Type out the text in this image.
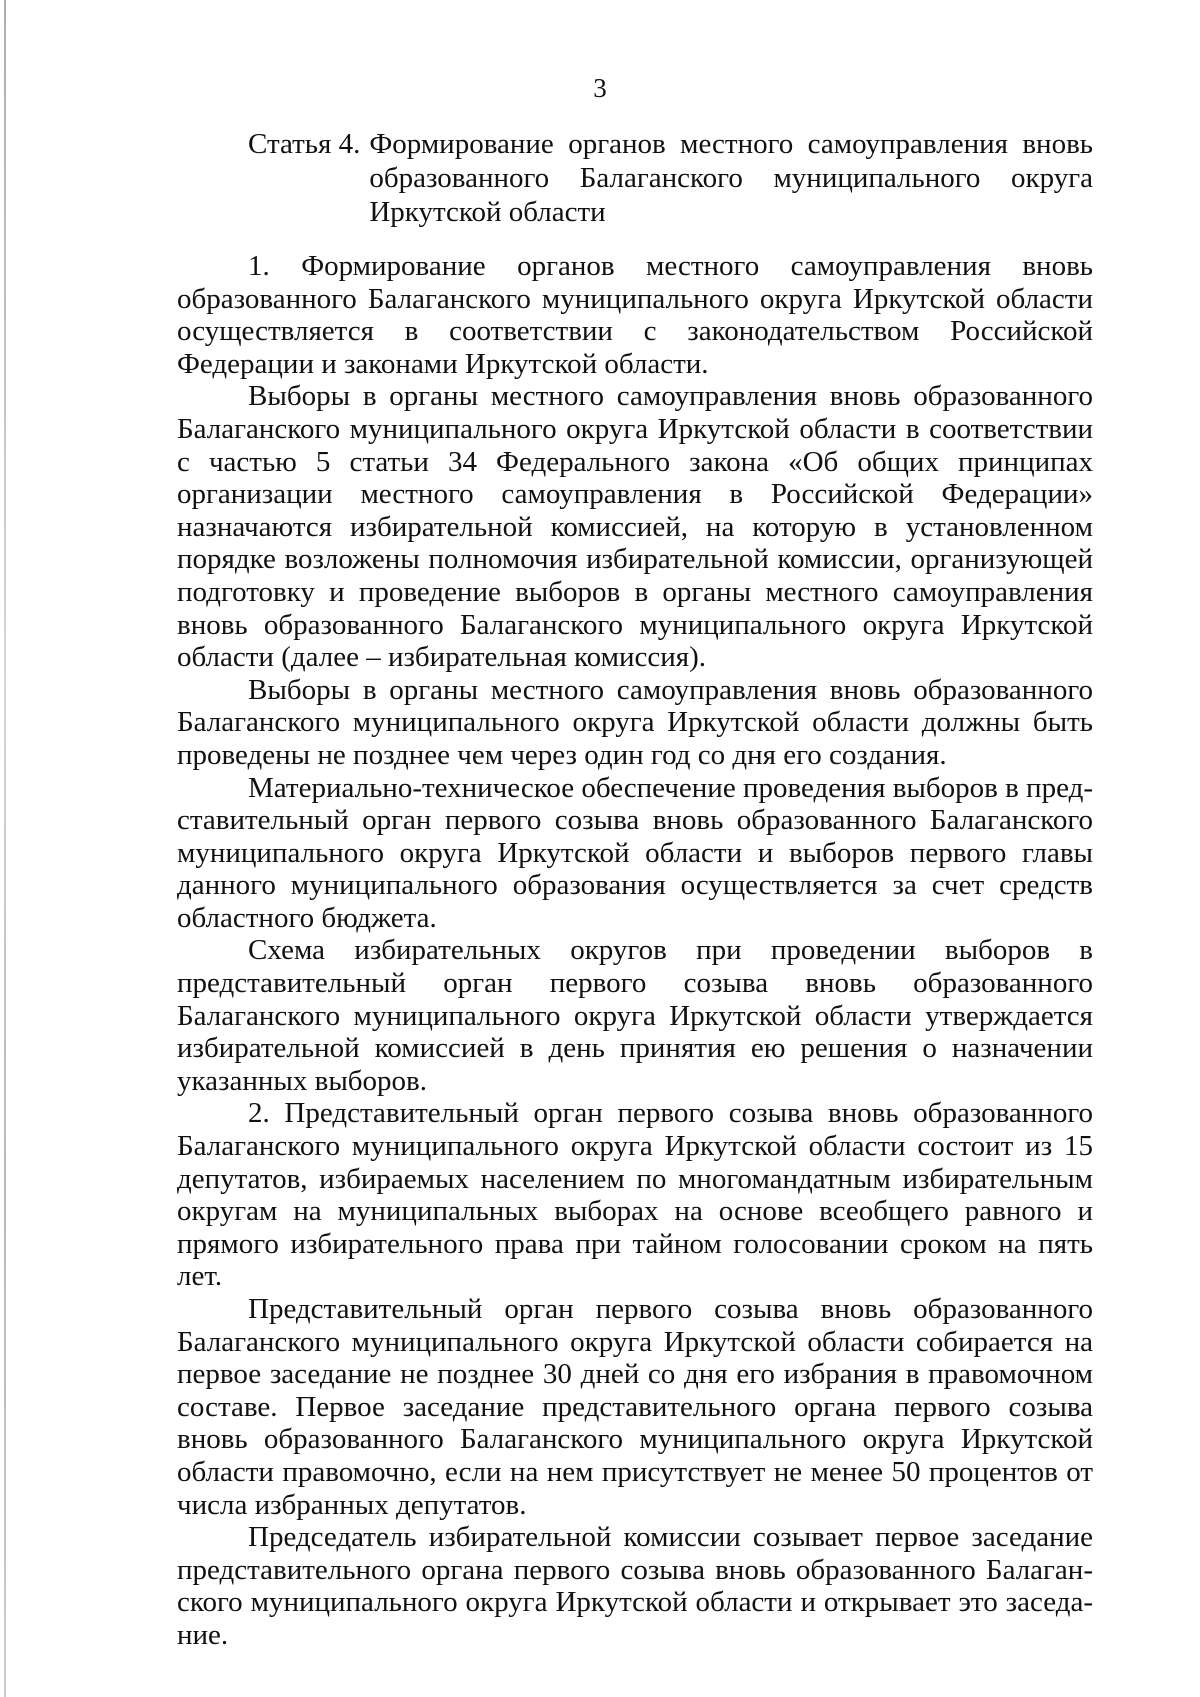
3
Статья 4. Формирование органов местного самоуправления вновь образованного Балаганского муниципального округа Иркутской области

1. Формирование органов местного самоуправления вновь образованного Балаганского муниципального округа Иркутской области осуществляется в соответствии с законодательством Российской Федерации и законами Иркутской области.

Выборы в органы местного самоуправления вновь образованного Балаганского муниципального округа Иркутской области в соответствии с частью 5 статьи 34 Федерального закона «Об общих принципах организации местного самоуправления в Российской Федерации» назначаются избирательной комиссией, на которую в установленном порядке возложены полномочия избирательной комиссии, организующей подготовку и проведение выборов в органы местного самоуправления вновь образованного Балаганского муниципального округа Иркутской области (далее – избирательная комиссия).

Выборы в органы местного самоуправления вновь образованного Балаганского муниципального округа Иркутской области должны быть проведены не позднее чем через один год со дня его создания.

Материально-техническое обеспечение проведения выборов в представительный орган первого созыва вновь образованного Балаганского муниципального округа Иркутской области и выборов первого главы данного муниципального образования осуществляется за счет средств областного бюджета.

Схема избирательных округов при проведении выборов в представительный орган первого созыва вновь образованного Балаганского муниципального округа Иркутской области утверждается избирательной комиссией в день принятия ею решения о назначении указанных выборов.

2. Представительный орган первого созыва вновь образованного Балаганского муниципального округа Иркутской области состоит из 15 депутатов, избираемых населением по многомандатным избирательным округам на муниципальных выборах на основе всеобщего равного и прямого избирательного права при тайном голосовании сроком на пять лет.

Представительный орган первого созыва вновь образованного Балаганского муниципального округа Иркутской области собирается на первое заседание не позднее 30 дней со дня его избрания в правомочном составе. Первое заседание представительного органа первого созыва вновь образованного Балаганского муниципального округа Иркутской области правомочно, если на нем присутствует не менее 50 процентов от числа избранных депутатов.

Председатель избирательной комиссии созывает первое заседание представительного органа первого созыва вновь образованного Балаганского муниципального округа Иркутской области и открывает это заседание.
